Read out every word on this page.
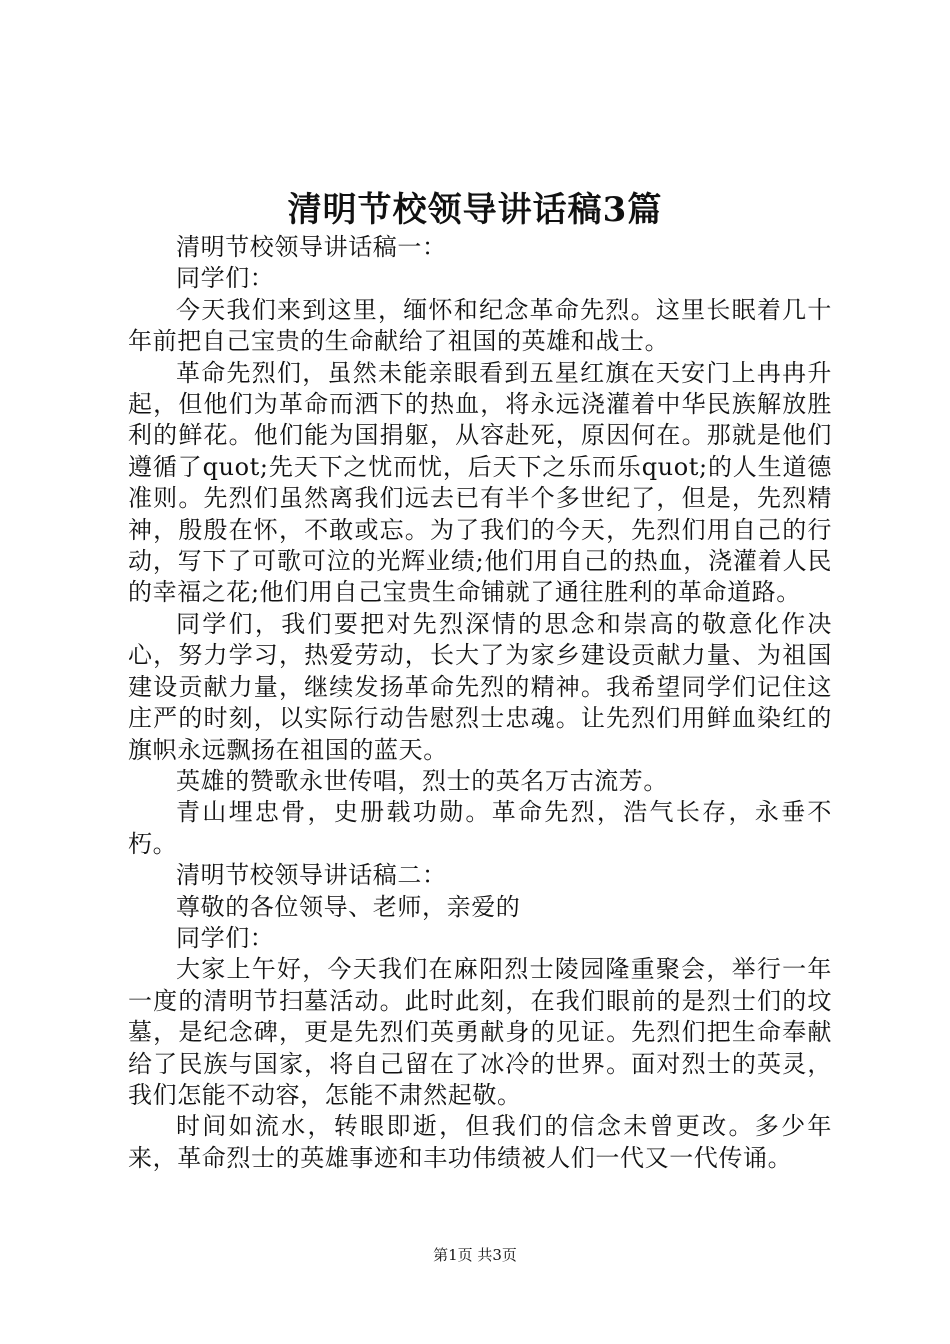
清明节校领导讲话稿3篇

清明节校领导讲话稿一：

同学们：

今天我们来到这里，缅怀和纪念革命先烈。这里长眠着几十年前把自己宝贵的生命献给了祖国的英雄和战士。

革命先烈们，虽然未能亲眼看到五星红旗在天安门上冉冉升起，但他们为革命而洒下的热血，将永远浇灌着中华民族解放胜利的鲜花。他们能为国捐躯，从容赴死，原因何在。那就是他们遵循了quot;先天下之忧而忧，后天下之乐而乐quot;的人生道德准则。先烈们虽然离我们远去已有半个多世纪了，但是，先烈精神，殷殷在怀，不敢或忘。为了我们的今天，先烈们用自己的行动，写下了可歌可泣的光辉业绩;他们用自己的热血，浇灌着人民的幸福之花;他们用自己宝贵生命铺就了通往胜利的革命道路。

同学们，我们要把对先烈深情的思念和崇高的敬意化作决心，努力学习，热爱劳动，长大了为家乡建设贡献力量、为祖国建设贡献力量，继续发扬革命先烈的精神。我希望同学们记住这庄严的时刻，以实际行动告慰烈士忠魂。让先烈们用鲜血染红的旗帜永远飘扬在祖国的蓝天。

英雄的赞歌永世传唱，烈士的英名万古流芳。

青山埋忠骨，史册载功勋。革命先烈，浩气长存，永垂不朽。

清明节校领导讲话稿二：

尊敬的各位领导、老师，亲爱的

同学们：

大家上午好，今天我们在麻阳烈士陵园隆重聚会，举行一年一度的清明节扫墓活动。此时此刻，在我们眼前的是烈士们的坟墓，是纪念碑，更是先烈们英勇献身的见证。先烈们把生命奉献给了民族与国家，将自己留在了冰冷的世界。面对烈士的英灵，我们怎能不动容，怎能不肃然起敬。

时间如流水，转眼即逝，但我们的信念未曾更改。多少年来，革命烈士的英雄事迹和丰功伟绩被人们一代又一代传诵。

第1页 共3页
